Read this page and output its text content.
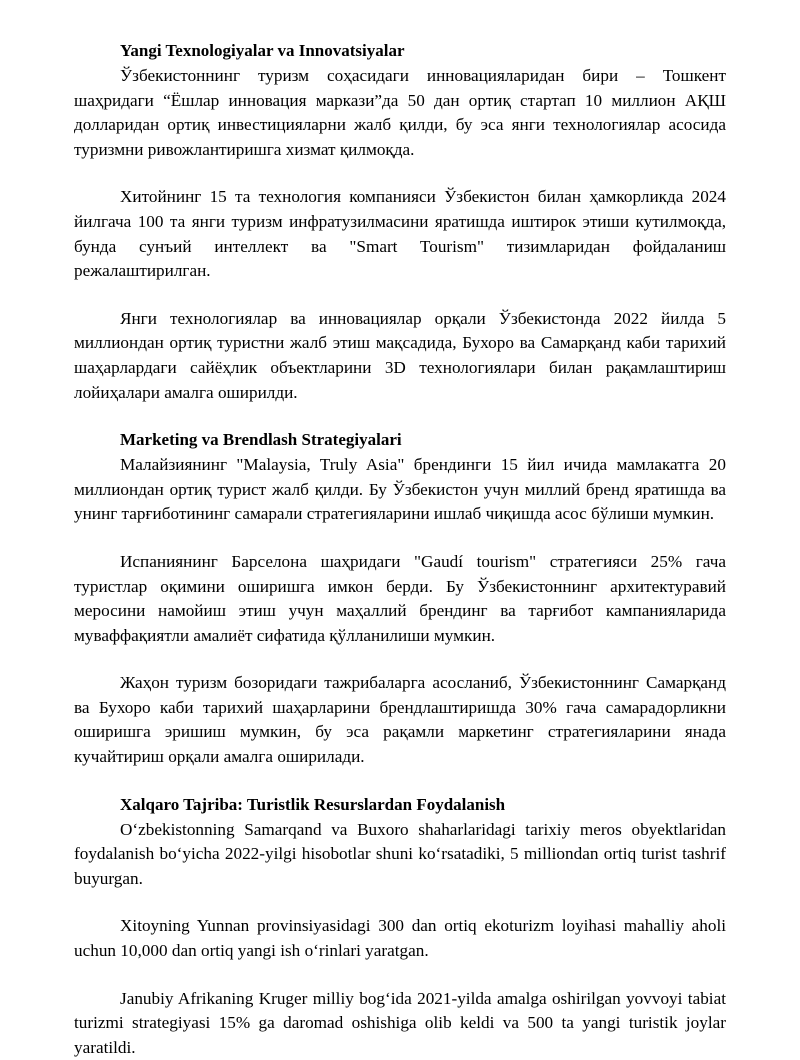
Yangi Texnologiyalar va Innovatsiyalar

Ўзбекистоннинг туризм соҳасидаги инновацияларидан бири – Тошкент шаҳридаги “Ёшлар инновация маркази”да 50 дан ортиқ стартап 10 миллион АҚШ долларидан ортиқ инвестицияларни жалб қилди, бу эса янги технологиялар асосида туризмни ривожлантиришга хизмат қилмоқда.

Хитойнинг 15 та технология компанияси Ўзбекистон билан ҳамкорликда 2024 йилгача 100 та янги туризм инфратузилмасини яратишда иштирок этиши кутилмоқда, бунда сунъий интеллект ва "Smart Tourism" тизимларидан фойдаланиш режалаштирилган.

Янги технологиялар ва инновациялар орқали Ўзбекистонда 2022 йилда 5 миллиондан ортиқ туристни жалб этиш мақсадида, Бухоро ва Самарқанд каби тарихий шаҳарлардаги сайёҳлик объектларини 3D технологиялари билан рақамлаштириш лойиҳалари амалга оширилди.

Marketing va Brendlash Strategiyalari

Малайзиянинг "Malaysia, Truly Asia" брендинги 15 йил ичида мамлакатга 20 миллиондан ортиқ турист жалб қилди. Бу Ўзбекистон учун миллий бренд яратишда ва унинг тарғиботининг самарали стратегияларини ишлаб чиқишда асос бўлиши мумкин.

Испаниянинг Барселона шаҳридаги "Gaudí tourism" стратегияси 25% гача туристлар оқимини оширишга имкон берди. Бу Ўзбекистоннинг архитектуравий меросини намойиш этиш учун маҳаллий брендинг ва тарғибот кампанияларида муваффақиятли амалиёт сифатида қўлланилиши мумкин.

Жаҳон туризм бозоридаги тажрибаларга асосланиб, Ўзбекистоннинг Самарқанд ва Бухоро каби тарихий шаҳарларини брендлаштиришда 30% гача самарадорликни оширишга эришиш мумкин, бу эса рақамли маркетинг стратегияларини янада кучайтириш орқали амалга оширилади.

Xalqaro Tajriba: Turistlik Resurslardan Foydalanish

O‘zbekistonning Samarqand va Buxoro shaharlaridagi tarixiy meros obyektlaridan foydalanish bo‘yicha 2022-yilgi hisobotlar shuni ko‘rsatadiki, 5 milliondan ortiq turist tashrif buyurgan.

Xitoyning Yunnan provinsiyasidagi 300 dan ortiq ekoturizm loyihasi mahalliy aholi uchun 10,000 dan ortiq yangi ish o‘rinlari yaratgan.

Janubiy Afrikaning Kruger milliy bog‘ida 2021-yilda amalga oshirilgan yovvoyi tabiat turizmi strategiyasi 15% ga daromad oshishiga olib keldi va 500 ta yangi turistik joylar yaratildi.
